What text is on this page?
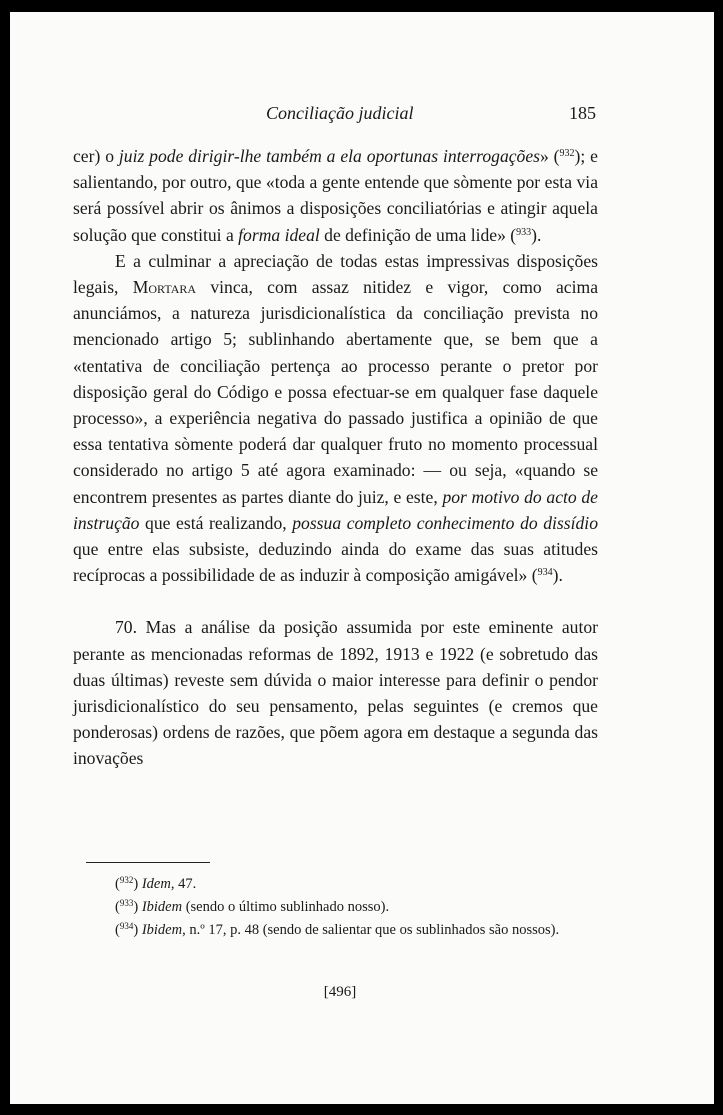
Conciliação judicial	185

cer) o juiz pode dirigir-lhe também a ela oportunas interrogações» ($^{932}$); e salientando, por outro, que «toda a gente entende que sòmente por esta via será possível abrir os ânimos a disposições conciliatórias e atingir aquela solução que constitui a forma ideal de definição de uma lide» ($^{933}$).

E a culminar a apreciação de todas estas impressivas disposições legais, Mortara vinca, com assaz nitidez e vigor, como acima anunciámos, a natureza jurisdicionalística da conciliação prevista no mencionado artigo 5; sublinhando abertamente que, se bem que a «tentativa de conciliação pertença ao processo perante o pretor por disposição geral do Código e possa efectuar-se em qualquer fase daquele processo», a experiência negativa do passado justifica a opinião de que essa tentativa sòmente poderá dar qualquer fruto no momento processual considerado no artigo 5 até agora examinado: — ou seja, «quando se encontrem presentes as partes diante do juiz, e este, por motivo do acto de instrução que está realizando, possua completo conhecimento do dissídio que entre elas subsiste, deduzindo ainda do exame das suas atitudes recíprocas a possibilidade de as induzir à composição amigável» ($^{934}$).

70. Mas a análise da posição assumida por este eminente autor perante as mencionadas reformas de 1892, 1913 e 1922 (e sobretudo das duas últimas) reveste sem dúvida o maior interesse para definir o pendor jurisdicionalístico do seu pensamento, pelas seguintes (e cremos que ponderosas) ordens de razões, que põem agora em destaque a segunda das inovações

($^{932}$) Idem, 47.
($^{933}$) Ibidem (sendo o último sublinhado nosso).
($^{934}$) Ibidem, n.º 17, p. 48 (sendo de salientar que os sublinhados são nossos).
[496]
